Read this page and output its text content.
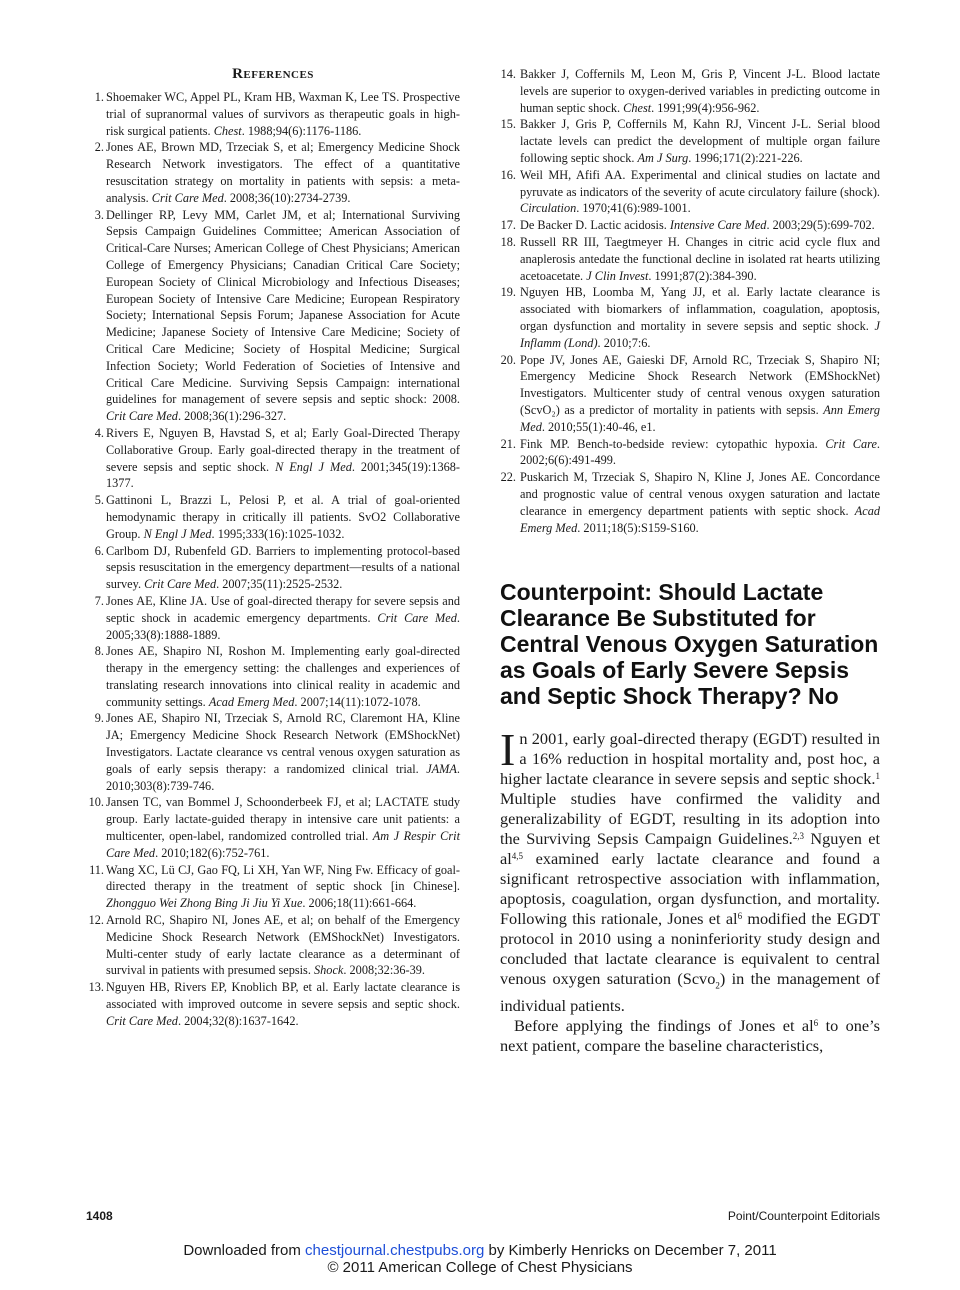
References
1 . Shoemaker WC, Appel PL, Kram HB, Waxman K, Lee TS. Prospective trial of supranormal values of survivors as therapeutic goals in high-risk surgical patients. Chest. 1988;94(6):1176-1186.
2 . Jones AE, Brown MD, Trzeciak S, et al; Emergency Medicine Shock Research Network investigators. The effect of a quantitative resuscitation strategy on mortality in patients with sepsis: a meta-analysis. Crit Care Med. 2008;36(10):2734-2739.
3 . Dellinger RP, Levy MM, Carlet JM, et al; International Surviving Sepsis Campaign Guidelines Committee; American Association of Critical-Care Nurses; American College of Chest Physicians; American College of Emergency Physicians; Canadian Critical Care Society; European Society of Clinical Microbiology and Infectious Diseases; European Society of Intensive Care Medicine; European Respiratory Society; International Sepsis Forum; Japanese Association for Acute Medicine; Japanese Society of Intensive Care Medicine; Society of Critical Care Medicine; Society of Hospital Medicine; Surgical Infection Society; World Federation of Societies of Intensive and Critical Care Medicine. Surviving Sepsis Campaign: international guidelines for management of severe sepsis and septic shock: 2008. Crit Care Med. 2008;36(1):296-327.
4 . Rivers E, Nguyen B, Havstad S, et al; Early Goal-Directed Therapy Collaborative Group. Early goal-directed therapy in the treatment of severe sepsis and septic shock. N Engl J Med. 2001;345(19):1368-1377.
5 . Gattinoni L, Brazzi L, Pelosi P, et al. A trial of goal-oriented hemodynamic therapy in critically ill patients. SvO2 Collaborative Group. N Engl J Med. 1995;333(16):1025-1032.
6 . Carlbom DJ, Rubenfeld GD. Barriers to implementing protocol-based sepsis resuscitation in the emergency department—results of a national survey. Crit Care Med. 2007;35(11):2525-2532.
7 . Jones AE, Kline JA. Use of goal-directed therapy for severe sepsis and septic shock in academic emergency departments. Crit Care Med. 2005;33(8):1888-1889.
8 . Jones AE, Shapiro NI, Roshon M. Implementing early goal-directed therapy in the emergency setting: the challenges and experiences of translating research innovations into clinical reality in academic and community settings. Acad Emerg Med. 2007;14(11):1072-1078.
9 . Jones AE, Shapiro NI, Trzeciak S, Arnold RC, Claremont HA, Kline JA; Emergency Medicine Shock Research Network (EMShockNet) Investigators. Lactate clearance vs central venous oxygen saturation as goals of early sepsis therapy: a randomized clinical trial. JAMA. 2010;303(8):739-746.
10 . Jansen TC, van Bommel J, Schoonderbeek FJ, et al; LACTATE study group. Early lactate-guided therapy in intensive care unit patients: a multicenter, open-label, randomized controlled trial. Am J Respir Crit Care Med. 2010;182(6):752-761.
11 . Wang XC, Lü CJ, Gao FQ, Li XH, Yan WF, Ning Fw. Efficacy of goal-directed therapy in the treatment of septic shock [in Chinese]. Zhongguo Wei Zhong Bing Ji Jiu Yi Xue. 2006;18(11):661-664.
12 . Arnold RC, Shapiro NI, Jones AE, et al; on behalf of the Emergency Medicine Shock Research Network (EMShockNet) Investigators. Multi-center study of early lactate clearance as a determinant of survival in patients with presumed sepsis. Shock. 2008;32:36-39.
13 . Nguyen HB, Rivers EP, Knoblich BP, et al. Early lactate clearance is associated with improved outcome in severe sepsis and septic shock. Crit Care Med. 2004;32(8):1637-1642.
14 . Bakker J, Coffernils M, Leon M, Gris P, Vincent J-L. Blood lactate levels are superior to oxygen-derived variables in predicting outcome in human septic shock. Chest. 1991;99(4):956-962.
15 . Bakker J, Gris P, Coffernils M, Kahn RJ, Vincent J-L. Serial blood lactate levels can predict the development of multiple organ failure following septic shock. Am J Surg. 1996;171(2):221-226.
16 . Weil MH, Afifi AA. Experimental and clinical studies on lactate and pyruvate as indicators of the severity of acute circulatory failure (shock). Circulation. 1970;41(6):989-1001.
17 . De Backer D. Lactic acidosis. Intensive Care Med. 2003;29(5):699-702.
18 . Russell RR III, Taegtmeyer H. Changes in citric acid cycle flux and anaplerosis antedate the functional decline in isolated rat hearts utilizing acetoacetate. J Clin Invest. 1991;87(2):384-390.
19 . Nguyen HB, Loomba M, Yang JJ, et al. Early lactate clearance is associated with biomarkers of inflammation, coagulation, apoptosis, organ dysfunction and mortality in severe sepsis and septic shock. J Inflamm (Lond). 2010;7:6.
20 . Pope JV, Jones AE, Gaieski DF, Arnold RC, Trzeciak S, Shapiro NI; Emergency Medicine Shock Research Network (EMShockNet) Investigators. Multicenter study of central venous oxygen saturation (ScvO₂) as a predictor of mortality in patients with sepsis. Ann Emerg Med. 2010;55(1):40-46, e1.
21 . Fink MP. Bench-to-bedside review: cytopathic hypoxia. Crit Care. 2002;6(6):491-499.
22 . Puskarich M, Trzeciak S, Shapiro N, Kline J, Jones AE. Concordance and prognostic value of central venous oxygen saturation and lactate clearance in emergency department patients with septic shock. Acad Emerg Med. 2011;18(5):S159-S160.
Counterpoint: Should Lactate Clearance Be Substituted for Central Venous Oxygen Saturation as Goals of Early Severe Sepsis and Septic Shock Therapy? No

In 2001, early goal-directed therapy (EGDT) resulted in a 16% reduction in hospital mortality and, post hoc, a higher lactate clearance in severe sepsis and septic shock.$^1$ Multiple studies have confirmed the validity and generalizability of EGDT, resulting in its adoption into the Surviving Sepsis Campaign Guidelines.$^{2,3}$ Nguyen et al$^{4,5}$ examined early lactate clearance and found a significant retrospective association with inflammation, apoptosis, coagulation, organ dysfunction, and mortality. Following this rationale, Jones et $al^6$ modified the EGDT protocol in 2010 using a noninferiority study design and concluded that lactate clearance is equivalent to central venous oxygen saturation (Scvo$_2$) in the management of individual patients.

Before applying the findings of Jones et $al^6$ to one’s next patient, compare the baseline characteristics,

1408	Point/Counterpoint Editorials
Downloaded from chestjournal.chestpubs.org by Kimberly Henricks on December 7, 2011
© 2011 American College of Chest Physicians
